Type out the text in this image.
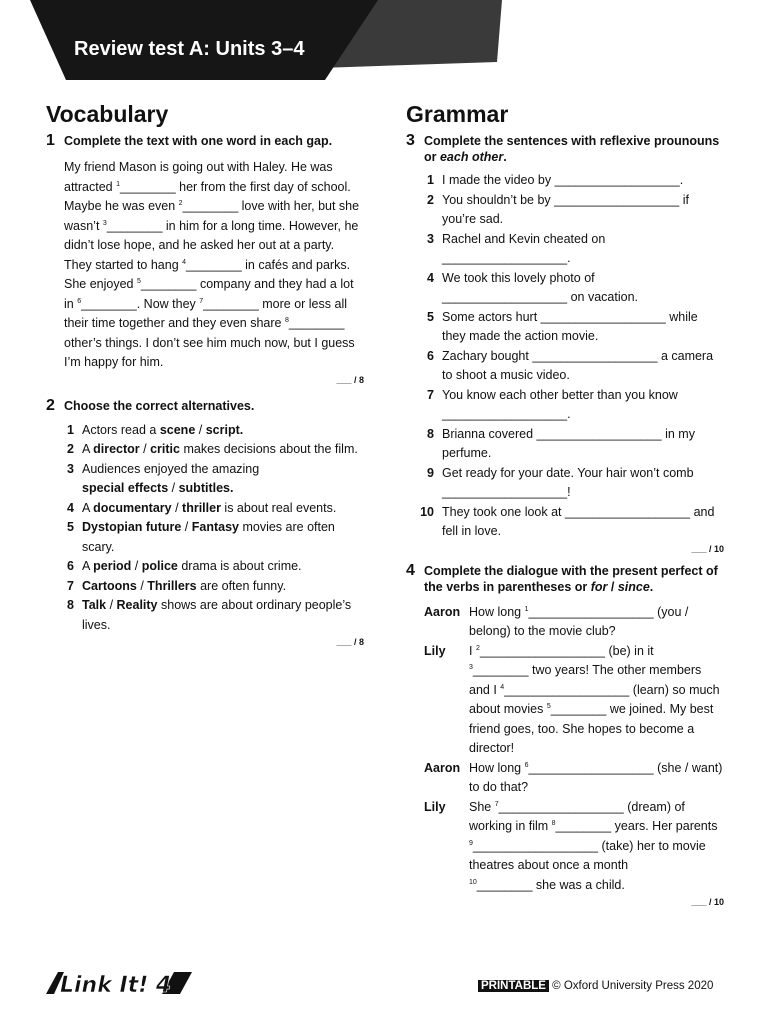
Review test A: Units 3–4
Vocabulary
1 Complete the text with one word in each gap.
My friend Mason is going out with Haley. He was attracted $^1$________ her from the first day of school. Maybe he was even $^2$________ love with her, but she wasn’t $^3$________ in him for a long time. However, he didn’t lose hope, and he asked her out at a party. They started to hang $^4$________ in cafés and parks. She enjoyed $^5$________ company and they had a lot in $^6$________. Now they $^7$________ more or less all their time together and they even share $^8$________ other’s things. I don’t see him much now, but I guess I’m happy for him.
___ / 8
2 Choose the correct alternatives.
1 Actors read a scene / script.
2 A director / critic makes decisions about the film.
3 Audiences enjoyed the amazing
special effects / subtitles.
4 A documentary / thriller is about real events.
5 Dystopian future / Fantasy movies are often scary.
6 A period / police drama is about crime.
7 Cartoons / Thrillers are often funny.
8 Talk / Reality shows are about ordinary people’s lives.
___ / 8
Grammar
3 Complete the sentences with reflexive prounouns or each other.
1 I made the video by __________________.
2 You shouldn’t be by __________________ if you’re sad.
3 Rachel and Kevin cheated on
__________________.
4 We took this lovely photo of
__________________ on vacation.
5 Some actors hurt __________________ while they made the action movie.
6 Zachary bought __________________ a camera to shoot a music video.
7 You know each other better than you know __________________.
8 Brianna covered __________________ in my perfume.
9 Get ready for your date. Your hair won’t comb __________________!
10 They took one look at __________________ and fell in love.
___ / 10
4 Complete the dialogue with the present perfect of the verbs in parentheses or for / since.
Aaron How long $^1$__________________ (you / belong) to the movie club?
Lily	I $^2$__________________ (be) in it
$^3$________ two years! The other members and I $^4$__________________ (learn) so much about movies $^5$________ we joined. My best friend goes, too. She hopes to become a director!
Aaron How long $^6$__________________ (she / want) to do that?
Lily	She $^7$__________________ (dream) of working in film $^8$________ years. Her parents $^9$__________________ (take) her to movie theatres about once a month
$^{10}$________ she was a child.
___ / 10
Link It! 4	PRINTABLE © Oxford University Press 2020
